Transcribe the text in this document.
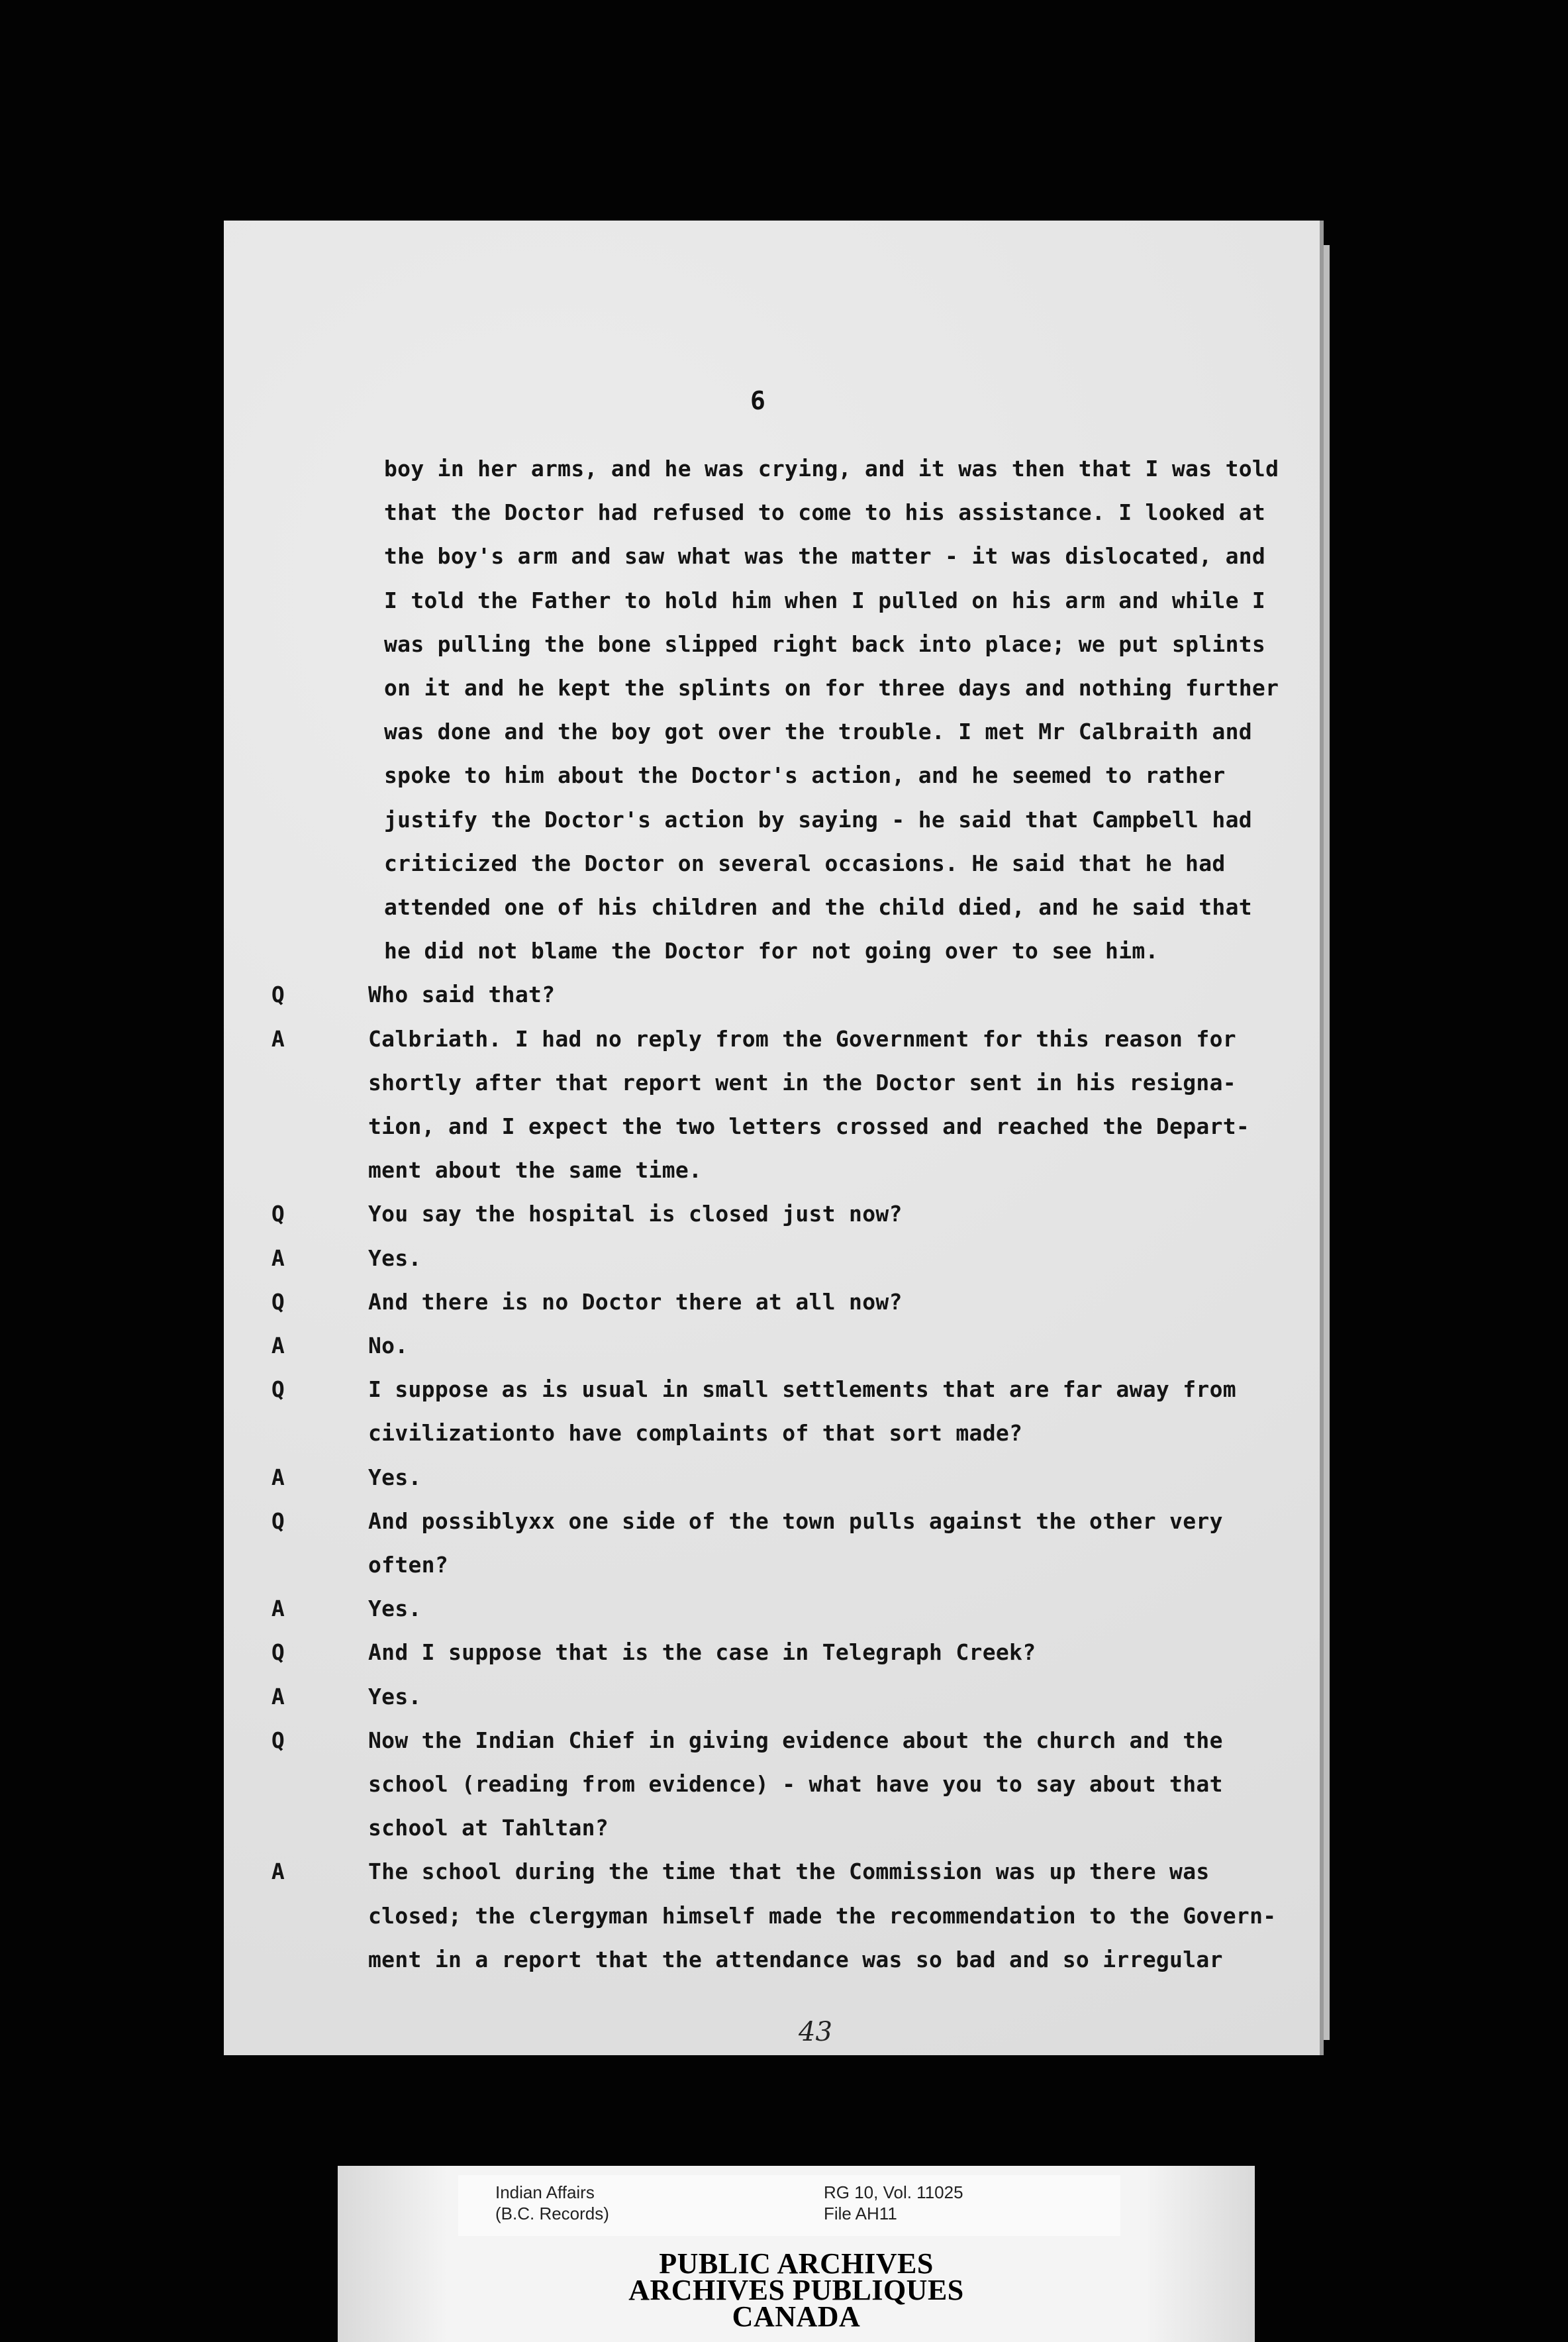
6
boy in her arms, and he was crying, and it was then that I was told
that the Doctor had refused to come to his assistance. I looked at
the boy's arm and saw what was the matter - it was dislocated, and
I told the Father to hold him when I pulled on his arm and while I
was pulling the bone slipped right back into place; we put splints
on it and he kept the splints on for three days and nothing further
was done and the boy got over the trouble. I met Mr Calbraith and
spoke to him about the Doctor's action, and he seemed to rather
justify the Doctor's action by saying - he said that Campbell had
criticized the Doctor on several occasions. He said that he had
attended one of his children and the child died, and he said that
he did not blame the Doctor for not going over to see him.
Q	Who said that?
A	Calbriath. I had no reply from the Government for this reason for
shortly after that report went in the Doctor sent in his resigna-
tion, and I expect the two letters crossed and reached the Depart-
ment about the same time.
Q	You say the hospital is closed just now?
A	Yes.
Q	And there is no Doctor there at all now?
A	No.
Q	I suppose as is usual in small settlements that are far away from
civilizationto have complaints of that sort made?
A	Yes.
Q	And possiblyxx one side of the town pulls against the other very
often?
A	Yes.
Q	And I suppose that is the case in Telegraph Creek?
A	Yes.
Q	Now the Indian Chief in giving evidence about the church and the
school (reading from evidence) - what have you to say about that
school at Tahltan?
A	The school during the time that the Commission was up there was
closed; the clergyman himself made the recommendation to the Govern-
ment in a report that the attendance was so bad and so irregular
43
Indian Affairs
(B.C. Records)
RG 10, Vol. 11025
File AH11
PUBLIC ARCHIVES
ARCHIVES PUBLIQUES
CANADA
